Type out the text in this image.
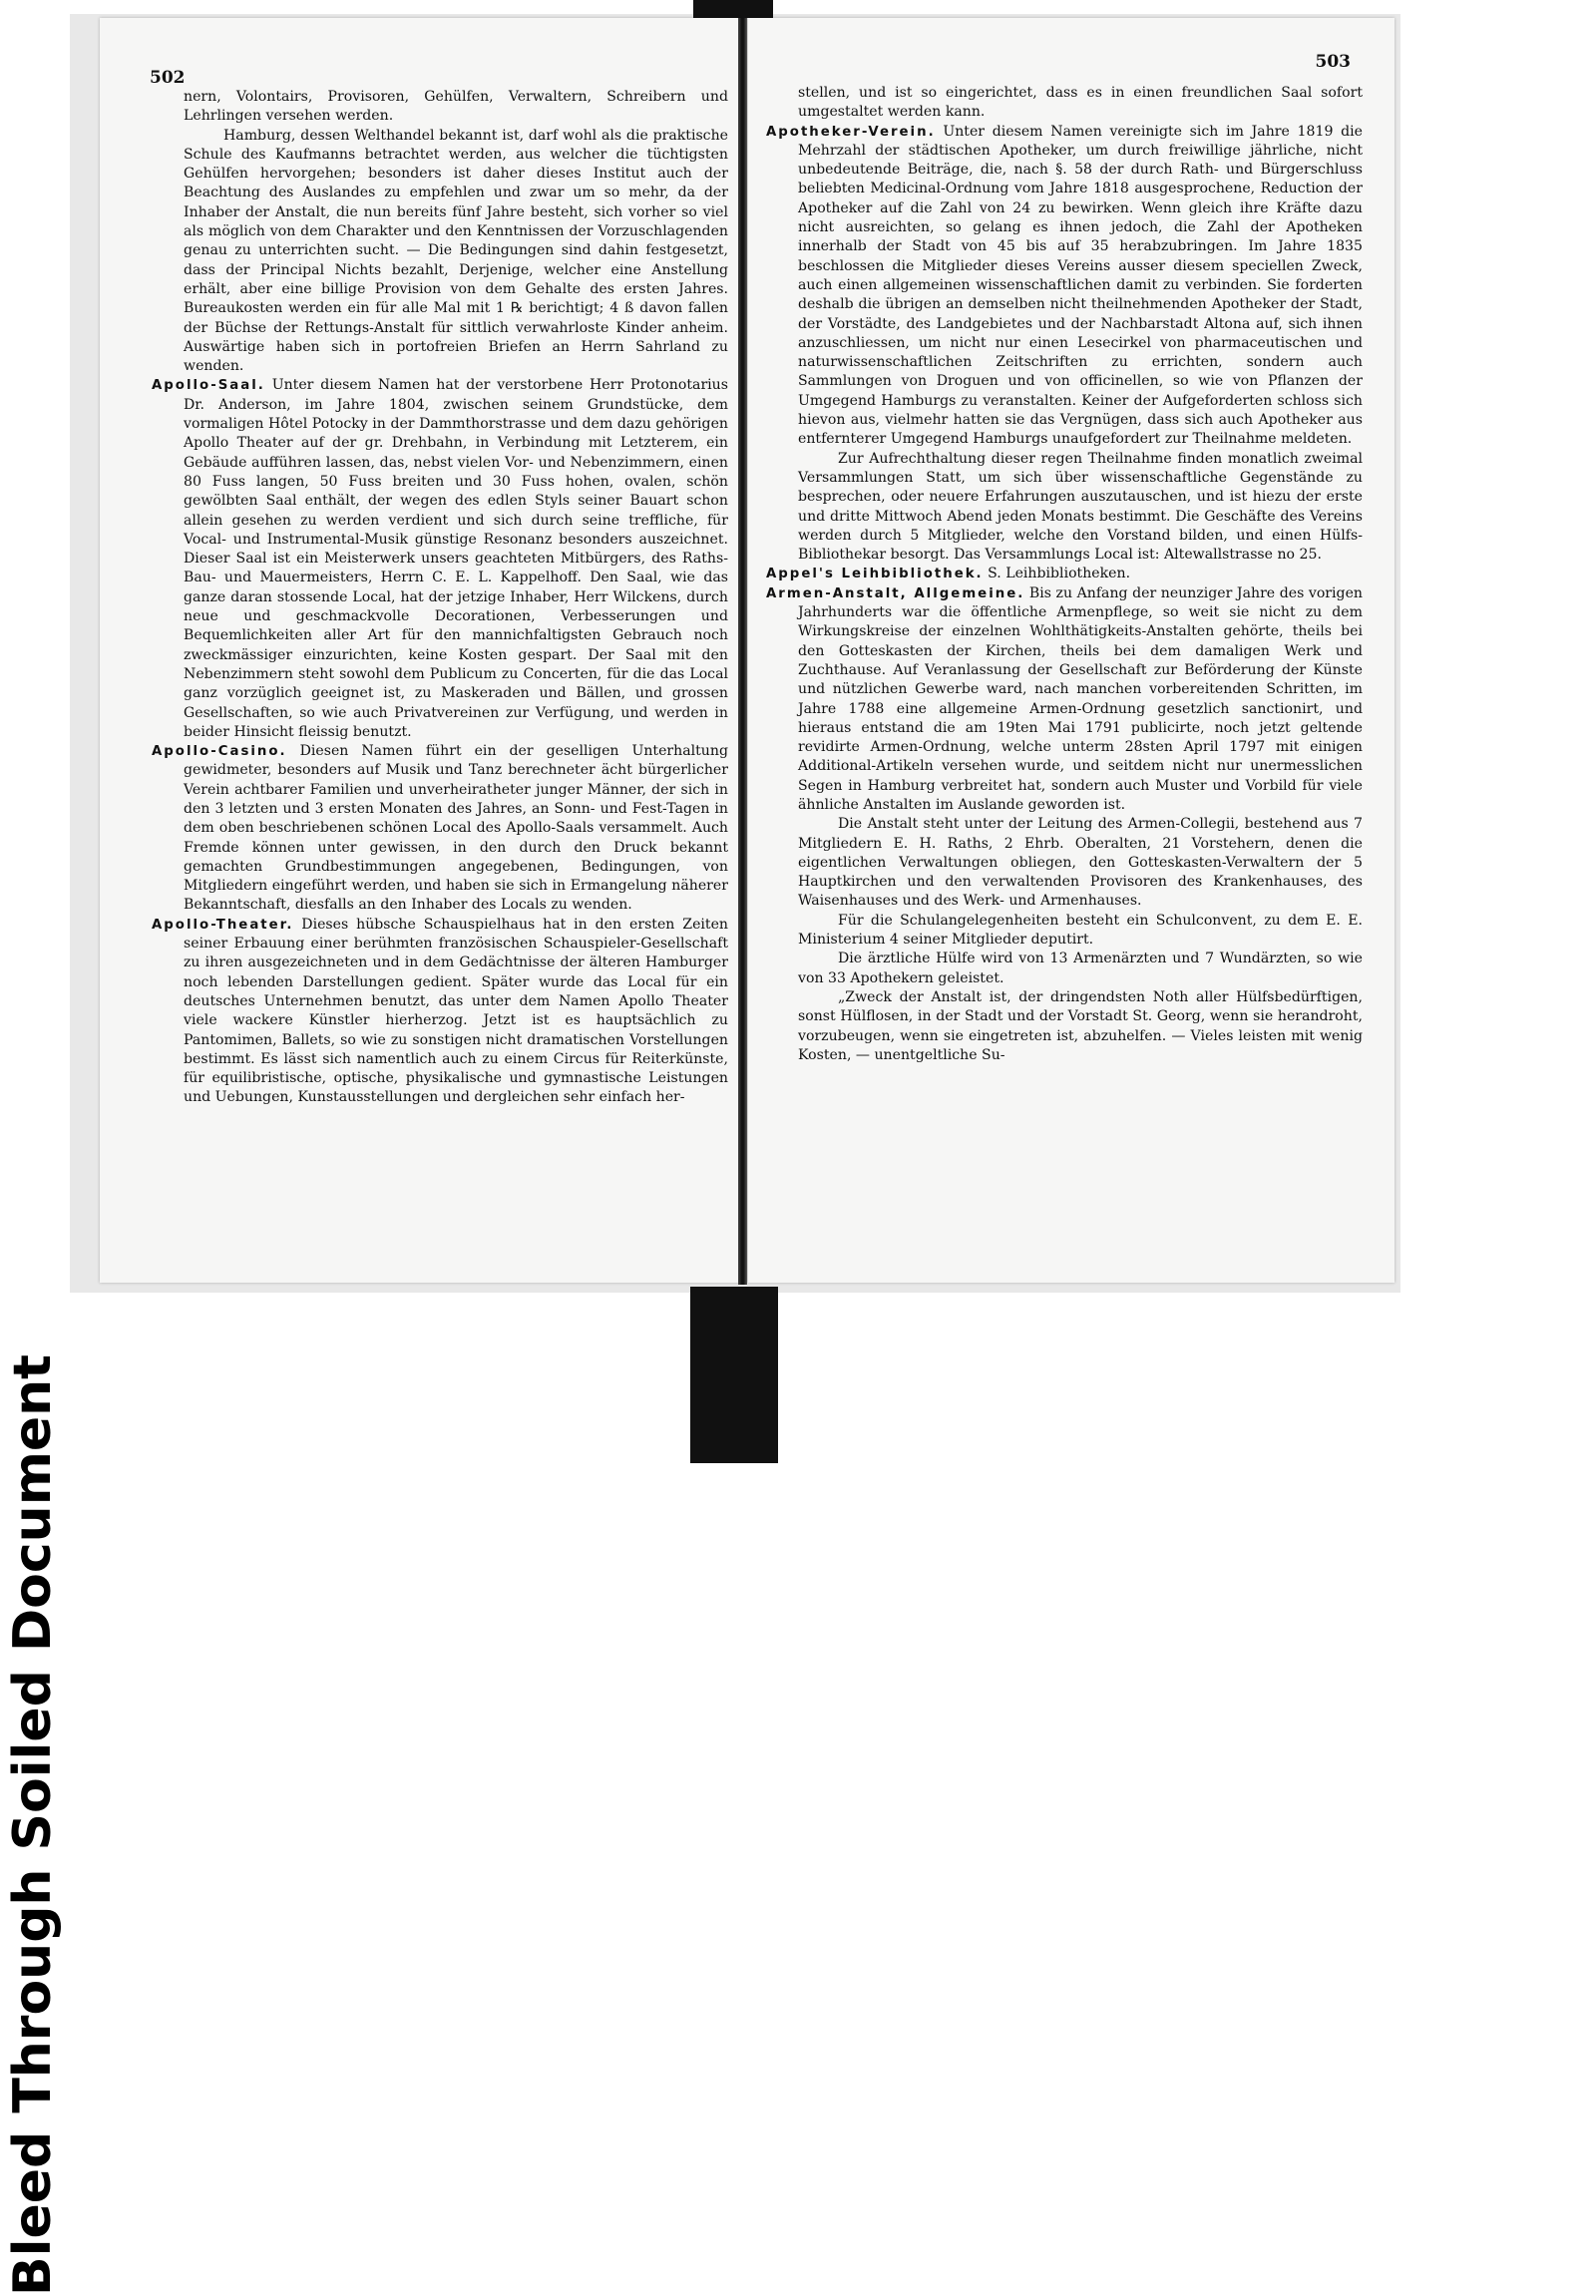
Bleed Through Soiled Document
502

nern, Volontairs, Provisoren, Gehülfen, Verwaltern, Schreibern und Lehrlingen versehen werden.

Hamburg, dessen Welthandel bekannt ist, darf wohl als die praktische Schule des Kaufmanns betrachtet werden, aus welcher die tüchtigsten Gehülfen hervorgehen; besonders ist daher dieses Institut auch der Beachtung des Auslandes zu empfehlen und zwar um so mehr, da der Inhaber der Anstalt, die nun bereits fünf Jahre besteht, sich vorher so viel als möglich von dem Charakter und den Kenntnissen der Vorzuschlagenden genau zu unterrichten sucht. — Die Bedingungen sind dahin festgesetzt, dass der Principal Nichts bezahlt, Derjenige, welcher eine Anstellung erhält, aber eine billige Provision von dem Gehalte des ersten Jahres. Bureaukosten werden ein für alle Mal mit 1 ℞ berichtigt; 4 ß davon fallen der Büchse der Rettungs-Anstalt für sittlich verwahrloste Kinder anheim. Auswärtige haben sich in portofreien Briefen an Herrn Sahrland zu wenden.

Apollo-Saal. Unter diesem Namen hat der verstorbene Herr Protonotarius Dr. Anderson, im Jahre 1804, zwischen seinem Grundstücke, dem vormaligen Hôtel Potocky in der Dammthorstrasse und dem dazu gehörigen Apollo Theater auf der gr. Drehbahn, in Verbindung mit Letzterem, ein Gebäude aufführen lassen, das, nebst vielen Vor- und Nebenzimmern, einen 80 Fuss langen, 50 Fuss breiten und 30 Fuss hohen, ovalen, schön gewölbten Saal enthält, der wegen des edlen Styls seiner Bauart schon allein gesehen zu werden verdient und sich durch seine treffliche, für Vocal- und Instrumental-Musik günstige Resonanz besonders auszeichnet. Dieser Saal ist ein Meisterwerk unsers geachteten Mitbürgers, des Raths-Bau- und Mauermeisters, Herrn C. E. L. Kappelhoff. Den Saal, wie das ganze daran stossende Local, hat der jetzige Inhaber, Herr Wilckens, durch neue und geschmackvolle Decorationen, Verbesserungen und Bequemlichkeiten aller Art für den mannichfaltigsten Gebrauch noch zweckmässiger einzurichten, keine Kosten gespart. Der Saal mit den Nebenzimmern steht sowohl dem Publicum zu Concerten, für die das Local ganz vorzüglich geeignet ist, zu Maskeraden und Bällen, und grossen Gesellschaften, so wie auch Privatvereinen zur Verfügung, und werden in beider Hinsicht fleissig benutzt.

Apollo-Casino. Diesen Namen führt ein der geselligen Unterhaltung gewidmeter, besonders auf Musik und Tanz berechneter ächt bürgerlicher Verein achtbarer Familien und unverheiratheter junger Männer, der sich in den 3 letzten und 3 ersten Monaten des Jahres, an Sonn- und Fest-Tagen in dem oben beschriebenen schönen Local des Apollo-Saals versammelt. Auch Fremde können unter gewissen, in den durch den Druck bekannt gemachten Grundbestimmungen angegebenen, Bedingungen, von Mitgliedern eingeführt werden, und haben sie sich in Ermangelung näherer Bekanntschaft, diesfalls an den Inhaber des Locals zu wenden.

Apollo-Theater. Dieses hübsche Schauspielhaus hat in den ersten Zeiten seiner Erbauung einer berühmten französischen Schauspieler-Gesellschaft zu ihren ausgezeichneten und in dem Gedächtnisse der älteren Hamburger noch lebenden Darstellungen gedient. Später wurde das Local für ein deutsches Unternehmen benutzt, das unter dem Namen Apollo Theater viele wackere Künstler hierherzog. Jetzt ist es hauptsächlich zu Pantomimen, Ballets, so wie zu sonstigen nicht dramatischen Vorstellungen bestimmt. Es lässt sich namentlich auch zu einem Circus für Reiterkünste, für equilibristische, optische, physikalische und gymnastische Leistungen und Uebungen, Kunstausstellungen und dergleichen sehr einfach her-

503

stellen, und ist so eingerichtet, dass es in einen freundlichen Saal sofort umgestaltet werden kann.

Apotheker-Verein. Unter diesem Namen vereinigte sich im Jahre 1819 die Mehrzahl der städtischen Apotheker, um durch freiwillige jährliche, nicht unbedeutende Beiträge, die, nach §. 58 der durch Rath- und Bürgerschluss beliebten Medicinal-Ordnung vom Jahre 1818 ausgesprochene, Reduction der Apotheker auf die Zahl von 24 zu bewirken. Wenn gleich ihre Kräfte dazu nicht ausreichten, so gelang es ihnen jedoch, die Zahl der Apotheken innerhalb der Stadt von 45 bis auf 35 herabzubringen. Im Jahre 1835 beschlossen die Mitglieder dieses Vereins ausser diesem speciellen Zweck, auch einen allgemeinen wissenschaftlichen damit zu verbinden. Sie forderten deshalb die übrigen an demselben nicht theilnehmenden Apotheker der Stadt, der Vorstädte, des Landgebietes und der Nachbarstadt Altona auf, sich ihnen anzuschliessen, um nicht nur einen Lesecirkel von pharmaceutischen und naturwissenschaftlichen Zeitschriften zu errichten, sondern auch Sammlungen von Droguen und von officinellen, so wie von Pflanzen der Umgegend Hamburgs zu veranstalten. Keiner der Aufgeforderten schloss sich hievon aus, vielmehr hatten sie das Vergnügen, dass sich auch Apotheker aus entfernterer Umgegend Hamburgs unaufgefordert zur Theilnahme meldeten.

Zur Aufrechthaltung dieser regen Theilnahme finden monatlich zweimal Versammlungen Statt, um sich über wissenschaftliche Gegenstände zu besprechen, oder neuere Erfahrungen auszutauschen, und ist hiezu der erste und dritte Mittwoch Abend jeden Monats bestimmt. Die Geschäfte des Vereins werden durch 5 Mitglieder, welche den Vorstand bilden, und einen Hülfs-Bibliothekar besorgt. Das Versammlungs Local ist: Altewallstrasse no 25.

Appel's Leihbibliothek. S. Leihbibliotheken.

Armen-Anstalt, Allgemeine. Bis zu Anfang der neunziger Jahre des vorigen Jahrhunderts war die öffentliche Armenpflege, so weit sie nicht zu dem Wirkungskreise der einzelnen Wohlthätigkeits-Anstalten gehörte, theils bei den Gotteskasten der Kirchen, theils bei dem damaligen Werk und Zuchthause. Auf Veranlassung der Gesellschaft zur Beförderung der Künste und nützlichen Gewerbe ward, nach manchen vorbereitenden Schritten, im Jahre 1788 eine allgemeine Armen-Ordnung gesetzlich sanctionirt, und hieraus entstand die am 19ten Mai 1791 publicirte, noch jetzt geltende revidirte Armen-Ordnung, welche unterm 28sten April 1797 mit einigen Additional-Artikeln versehen wurde, und seitdem nicht nur unermesslichen Segen in Hamburg verbreitet hat, sondern auch Muster und Vorbild für viele ähnliche Anstalten im Auslande geworden ist.

Die Anstalt steht unter der Leitung des Armen-Collegii, bestehend aus 7 Mitgliedern E. H. Raths, 2 Ehrb. Oberalten, 21 Vorstehern, denen die eigentlichen Verwaltungen obliegen, den Gotteskasten-Verwaltern der 5 Hauptkirchen und den verwaltenden Provisoren des Krankenhauses, des Waisenhauses und des Werk- und Armenhauses.

Für die Schulangelegenheiten besteht ein Schulconvent, zu dem E. E. Ministerium 4 seiner Mitglieder deputirt.

Die ärztliche Hülfe wird von 13 Armenärzten und 7 Wundärzten, so wie von 33 Apothekern geleistet.

„Zweck der Anstalt ist, der dringendsten Noth aller Hülfsbedürftigen, sonst Hülflosen, in der Stadt und der Vorstadt St. Georg, wenn sie herandroht, vorzubeugen, wenn sie eingetreten ist, abzuhelfen. — Vieles leisten mit wenig Kosten, — unentgeltliche Su-
